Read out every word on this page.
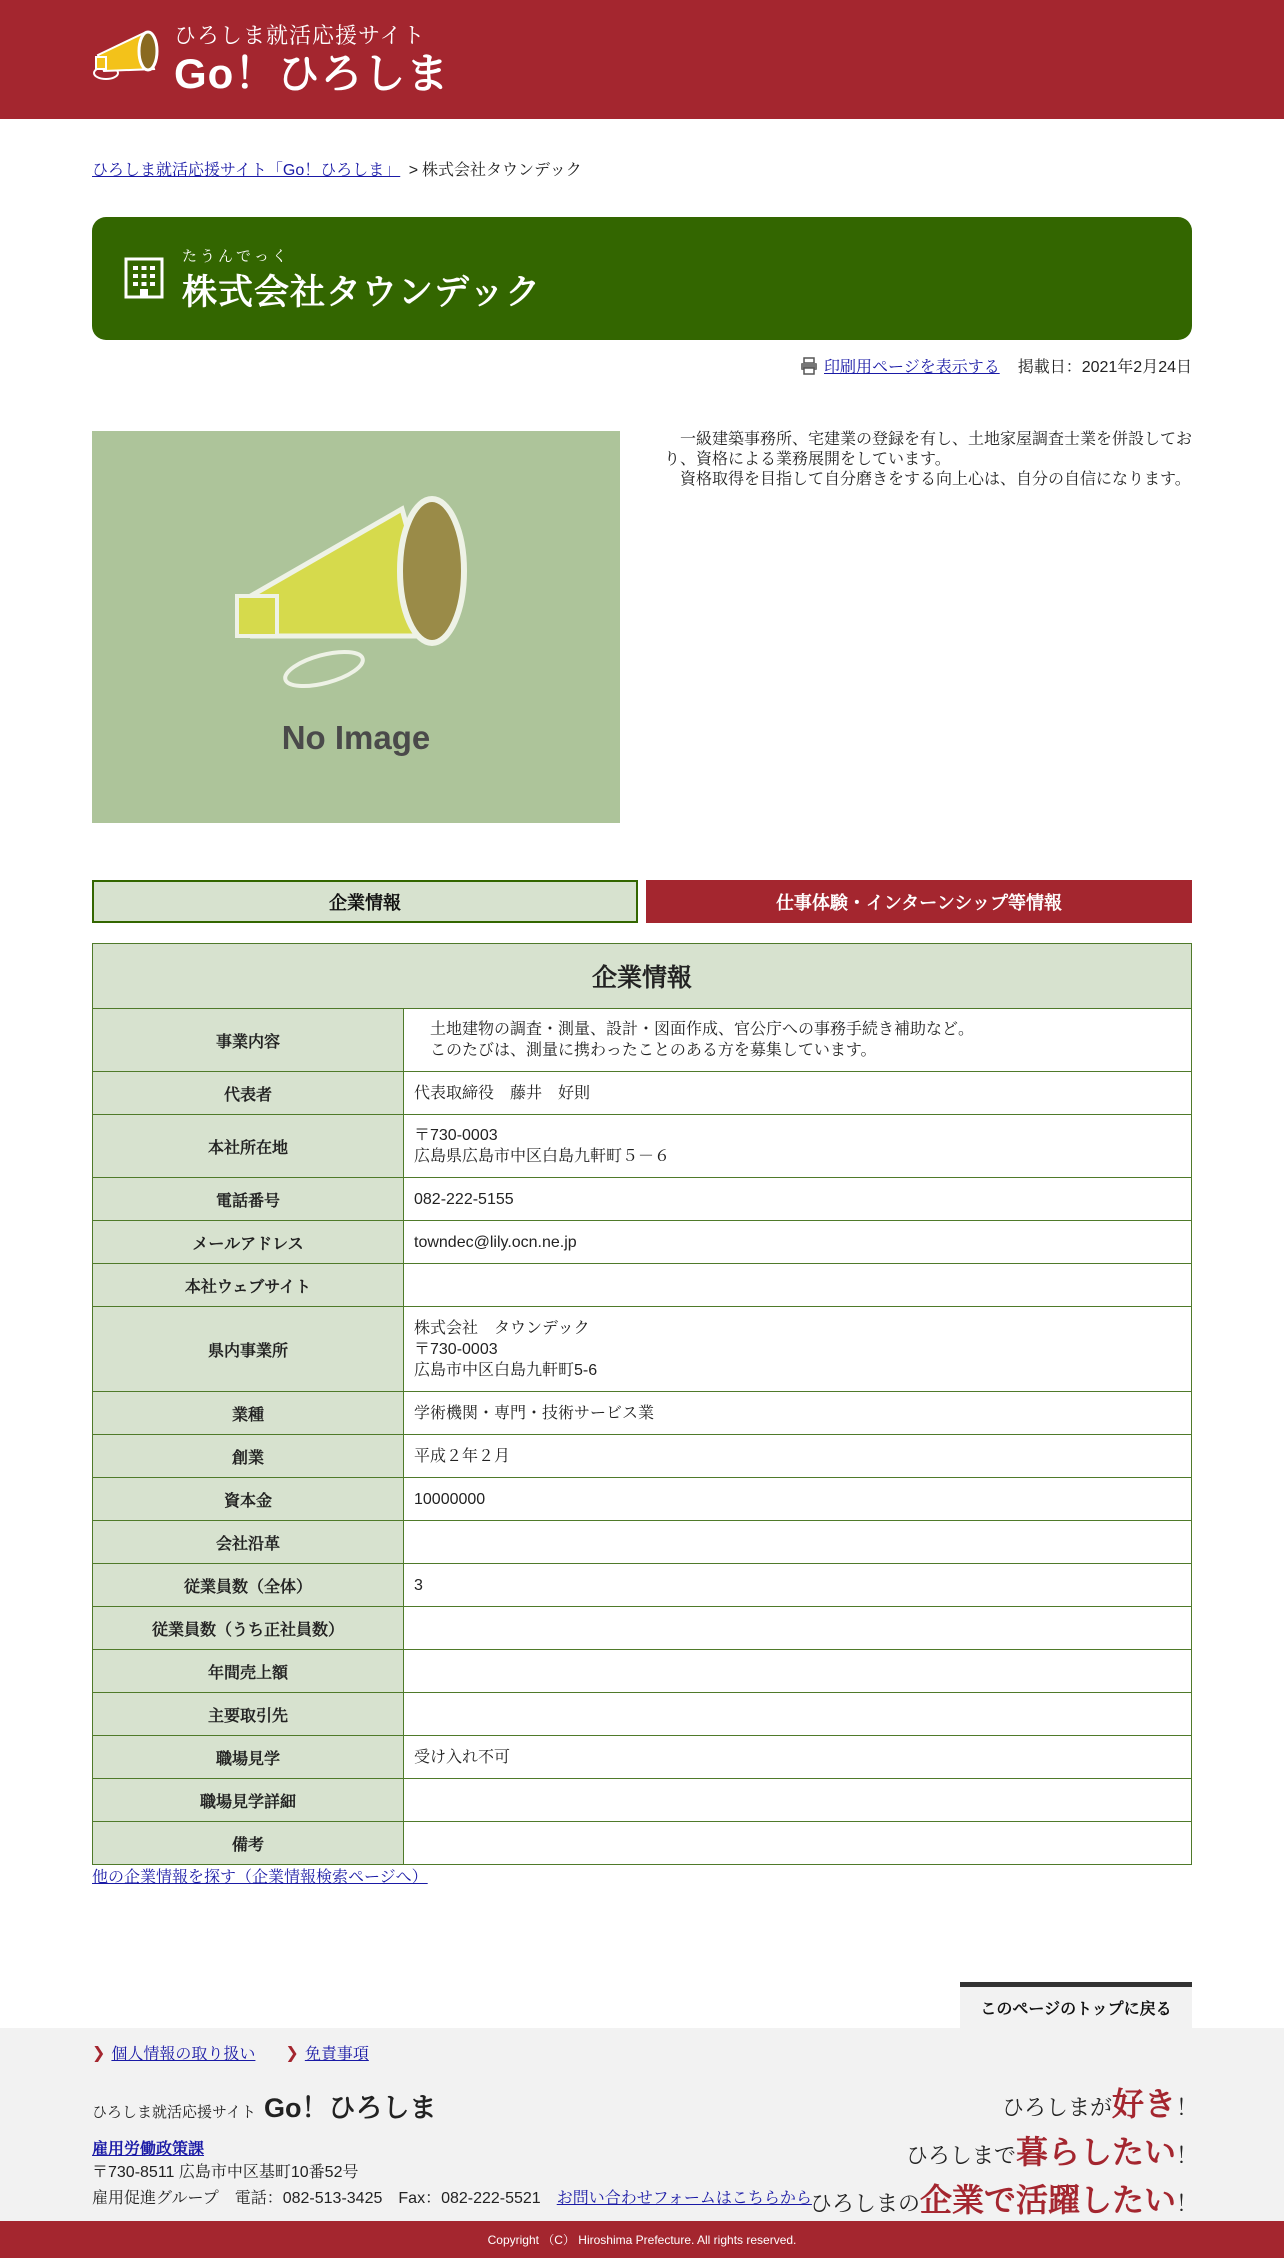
ひろしま就活応援サイト
Go！ひろしま
ひろしま就活応援サイト「Go！ひろしま」 > 株式会社タウンデック
たうんでっく
株式会社タウンデック
印刷用ページを表示する 掲載日：2021年2月24日
No Image

一級建築事務所、宅建業の登録を有し、土地家屋調査士業を併設しており、資格による業務展開をしています。

資格取得を目指して自分磨きをする向上心は、自分の自信になります。

企業情報	仕事体験・インターンシップ等情報
企業情報	
事業内容	土地建物の調査・測量、設計・図面作成、官公庁への事務手続き補助など。
このたびは、測量に携わったことのある方を募集しています。

代表者	代表取締役　藤井　好則

本社所在地	〒730-0003
広島県広島市中区白島九軒町５－６

電話番号	082-222-5155

メールアドレス	towndec@lily.ocn.ne.jp

本社ウェブサイト	
県内事業所	株式会社　タウンデック
〒730-0003
広島市中区白島九軒町5-6

業種	学術機関・専門・技術サービス業

創業	平成２年２月

資本金	10000000

会社沿革	
従業員数（全体）	3

従業員数（うち正社員数）	
年間売上額	
主要取引先	
職場見学	受け入れ不可

職場見学詳細	
備考	
他の企業情報を探す（企業情報検索ページへ）
このページのトップに戻る
❯ 個人情報の取り扱い ❯ 免責事項
ひろしま就活応援サイト Go！ひろしま
雇用労働政策課
〒730-8511 広島市中区基町10番52号
雇用促進グループ 電話：082-513-3425 Fax：082-222-5521 お問い合わせフォームはこちらから
ひろしまが好き！
ひろしまで暮らしたい！
ひろしまの企業で活躍したい！
Copyright （C） Hiroshima Prefecture. All rights reserved.
